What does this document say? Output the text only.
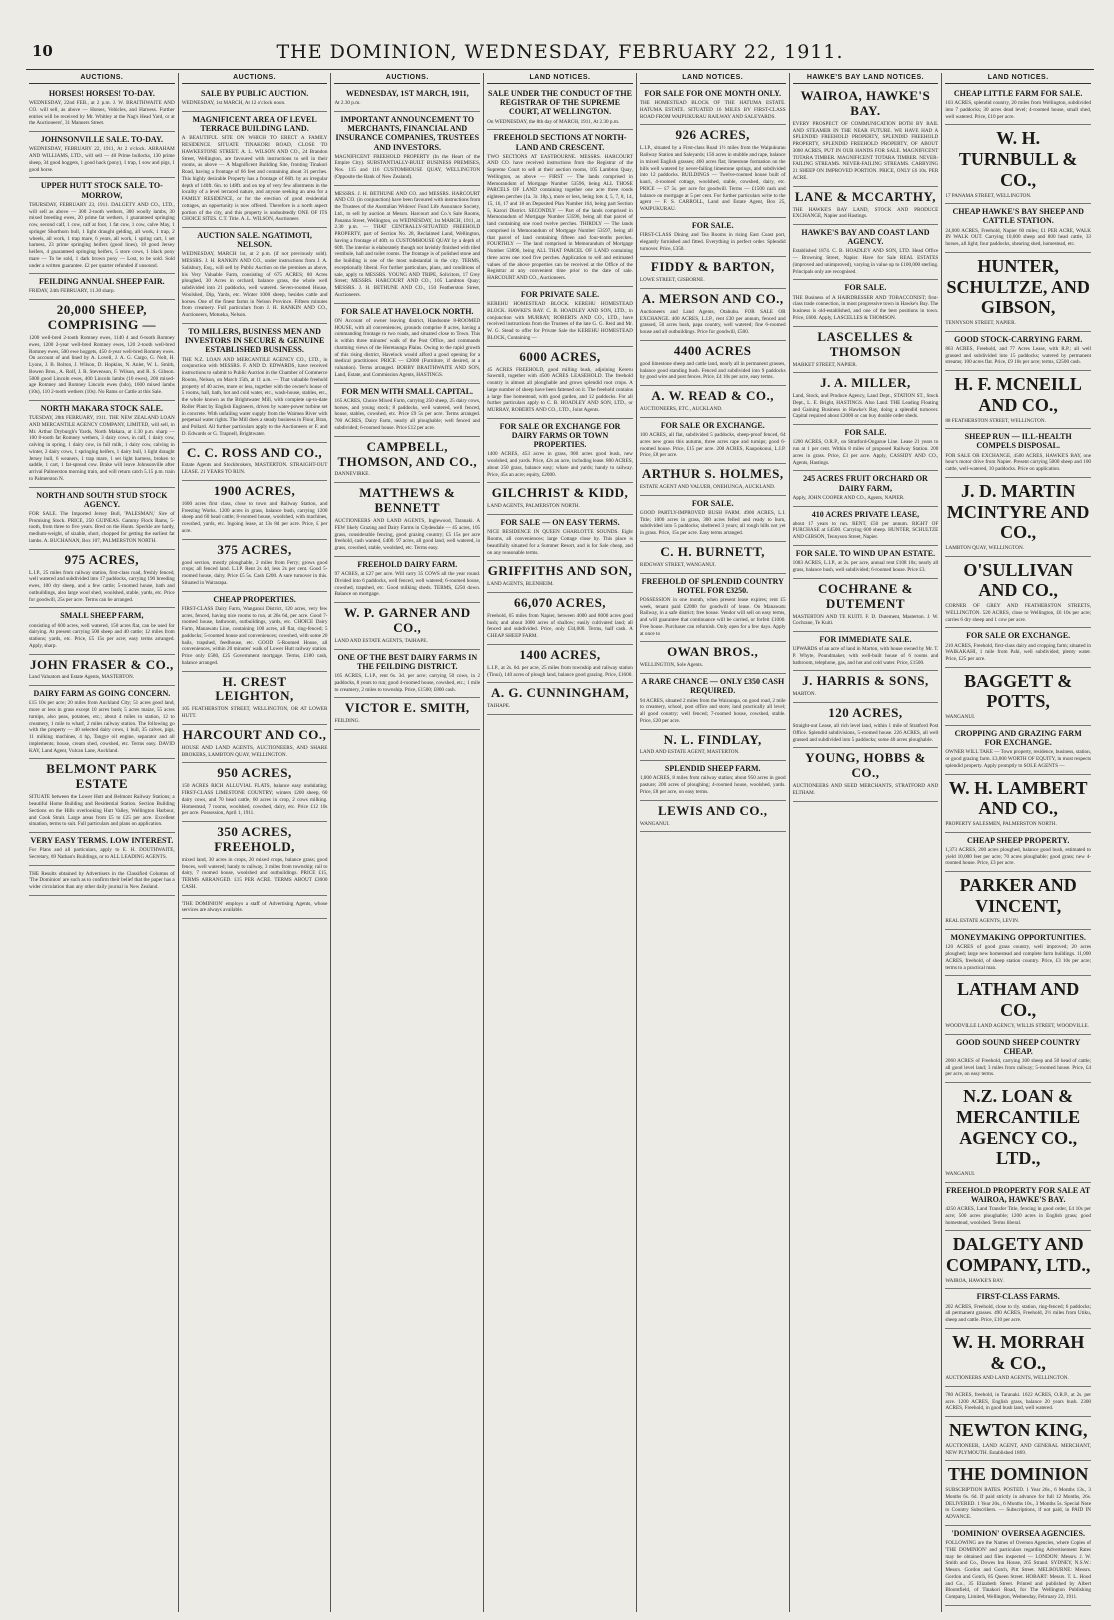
10	THE DOMINION, WEDNESDAY, FEBRUARY 22, 1911.
AUCTIONS.
HORSES! HORSES! TO-DAY.
WEDNESDAY, 22nd FEB., at 2 p.m. J. W. BRAITHWAITE AND CO. will sell, as above — Horses, Vehicles, and Harness. Further entries will be received by Mr. Whitley at the Nag's Head Yard, or at the Auctioneers', 31 Manners Street.
JOHNSONVILLE SALE. TO-DAY.
WEDNESDAY, FEBRUARY 22, 1911, At 2 o'clock. ABRAHAM AND WILLIAMS, LTD., will sell — 40 Prime bullocks, 130 prime sheep, 34 good hoggets, 1 good hack (pony), 1 trap, 1 sow and pigs, 1 good horse.
UPPER HUTT STOCK SALE. TO-MORROW,
THURSDAY, FEBRUARY 23, 1911. DALGETY AND CO., LTD., will sell as above — 300 2-tooth wethers, 300 woolly lambs, 30 mixed breeding ewes, 20 prime fat wethers, 1 guaranteed springing cow, second calf, 1 cow, calf at foot, 1 fat cow, 1 cow, calve May, 1 springer Shorthorn bull, 1 light draught gelding, all work, 1 trap, 2 wheels, all work, 1 trap mare, 6 years, all work, 1 spring cart, 1 set harness, 23 prime springing heifers (good lines), 18 good Jersey heifers, 4 guaranteed springing heifers, 5 store cows, 1 black pony mare — To be sold, 1 dark brown pony — Lost, to be sold. Sold under a written guarantee. £2 per quarter refunded if unsound.
FEILDING ANNUAL SHEEP FAIR.
FRIDAY, 24th FEBRUARY, 11.30 sharp.
20,000 SHEEP, COMPRISING —
1200 well-bred 2-tooth Romney ewes, 1140 4 and 6-tooth Romney ewes, 1200 2-year well-bred Romney ewes, 120 2-tooth well-bred Romney ewes, 500 ewe hoggets, 450 4-year well-bred Romney ewes. On account of and lined by A. Lovell, J. A. G. Cargo, G. Nolt, H. Lyons, J. B. Bolton, J. Wilson, D. Hopkins, N. Anlet, W. L. Smith, Bowen Bros., A. Rolf, J. R. Stevenson, F. Wilson, and R. S. Gibson. 5000 good Lincoln ewes, 400 Lincoln lambs (10 ewes), 200 mixed-age Romney and Romney Lincoln ewes (hdo), 1600 mixed lambs (10s), 110 2-tooth wethers (10s). No Rams or Cattle at this Sale.
NORTH MAKARA STOCK SALE.
TUESDAY, 28th FEBRUARY, 1911. THE NEW ZEALAND LOAN AND MERCANTILE AGENCY COMPANY, LIMITED, will sell, in Mr. Arthur Dryburgh's Yards, North Makara, at 1.30 p.m. sharp — 100 8-tooth fat Romney wethers, 3 dairy cows, in calf, 1 dairy cow, calving in spring, 1 dairy cow, in full milk, 1 dairy cow, calving in winter, 2 dairy cows, 1 springing heifers, 1 dairy bull, 1 light draught Jersey bull, 6 weaners, 1 trap mare, 1 set light harness, broken to saddle, 1 cart, 1 fat-spread cow. Brake will leave Johnsonville after arrival Palmerston morning train, and will return catch 5.15 p.m. train to Palmerston N.
NORTH AND SOUTH STUD STOCK AGENCY.
FOR SALE. The Imported Jersey Bull, 'PALESMAN,' Sire of Promising Stock. PRICE, 250 GUINEAS. Gammy Flock Rams, 5-tooth, from three to five years. Bred on the Hunts. Speckle are hardy, medium-weight, of sizable, short, chopped for getting the earliest fat lambs. A. BUCHANAN, Box 107, PALMERSTON NORTH.
975 ACRES,
L.I.P., 25 miles from railway station, first-class road, freshly fenced, well watered and subdivided into 17 paddocks, carrying 190 breeding ewes, 100 dry sheep, and a few cattle; 5-roomed house, bath and outbuildings, also large wool shed, woolshed, stable, yards, etc. Price for goodwill, 25s per acre. Terms can be arranged.
SMALL SHEEP FARM,
consisting of 600 acres, well watered, 150 acres flat, can be used for dairying. At present carrying 500 sheep and 40 cattle; 12 miles from stations; yards, etc. Price, £5 15s per acre; easy terms arranged. Apply, sharp.
JOHN FRASER & CO.,
Land Valuators and Estate Agents, MASTERTON.
DAIRY FARM AS GOING CONCERN.
£15 10s per acre; 20 miles from Auckland City; 51 acres good land, more or less in grass except 10 acres bush; 5 acres maize, 55 acres turnips, also peas, potatoes, etc.; about 4 miles to station, 12 to creamery, 1 mile to wharf, 2 miles railway station. The following go with the property — 40 selected dairy cows, 1 bull, 35 calves, pigs, 11 milking machines, 4 hp, Tangye oil engine, separator and all implements; house, cream shed, cowshed, etc. Terms easy. DAVID KAY, Land Agent, Vulcan Lane, Auckland.
BELMONT PARK ESTATE
SITUATE between the Lower Hutt and Belmont Railway Stations; a beautiful Home Building and Residential Station. Section Building Sections on the Hills overlooking Hutt Valley, Wellington Harbour, and Cook Strait. Large areas from £5 to £25 per acre. Excellent situation, terms to suit. Full particulars and plans on application.
VERY EASY TERMS. LOW INTEREST.
For Plans and all particulars, apply to E. H. DOUTHWAITE, Secretary, 69 Nathan's Buildings, or to ALL LEADING AGENTS.
THE Results obtained by Advertisers in the Classified Columns of 'The Dominion' are such as to confirm their belief that the paper has a wider circulation than any other daily journal in New Zealand.
AUCTIONS.
SALE BY PUBLIC AUCTION.
WEDNESDAY, 1st MARCH, At 12 o'clock noon.
MAGNIFICENT AREA OF LEVEL TERRACE BUILDING LAND.
A BEAUTIFUL SITE ON WHICH TO ERECT A FAMILY RESIDENCE. SITUATE TINAKORI ROAD, CLOSE TO HAWKESTONE STREET. A. L. WILSON AND CO., 24 Brandon Street, Wellington, are favoured with instructions to sell in their rooms, as above — A Magnificent Building Site, fronting Tinakori Road, having a frontage of 66 feet and containing about 31 perches. This highly desirable Property has a frontage of 66ft. by an irregular depth of 140ft. 6in. to 148ft. and on top of very few allotments in the locality of a level terraced nature, and anyone seeking an area for a FAMILY RESIDENCE, or for the erection of good residential cottages, an opportunity is now offered. Therefore is a north aspect portion of the city, and this property is undoubtedly ONE OF ITS CHOICE SITES. C.T. Title. A. L. WILSON, Auctioneer.
AUCTION SALE. NGATIMOTI, NELSON.
WEDNESDAY, MARCH 1st, at 2 p.m. (if not previously sold). MESSRS. J. H. RANKIN AND CO., under instructions from J. A. Salisbury, Esq., will sell by Public Auction on the premises as above, his Very Valuable Farm, consisting of 675 ACRES; 80 Acres ploughed, 30 Acres in orchard, balance grass, the whole well subdivided into 21 paddocks, well watered. Seven-roomed House, Woolshed, Dip, Yards, etc. Winter 1000 sheep, besides cattle and horses. One of the finest farms in Nelson Province. Fifteen minutes from creamery. Full particulars from J. H. RANKIN AND CO., Auctioneers, Motueka, Nelson.
TO MILLERS, BUSINESS MEN AND INVESTORS IN SECURE & GENUINE ESTABLISHED BUSINESS.
THE N.Z. LOAN AND MERCANTILE AGENCY CO., LTD., in conjunction with MESSRS. F. AND D. EDWARDS, have received instructions to submit to Public Auction in the Chamber of Commerce Rooms, Nelson, on March 15th, at 11 a.m. — That valuable freehold property of 40 acres, more or less, together with the owner's house of 5 rooms, hall, bath, hot and cold water, etc., wash-house, stables, etc., the whole known as the Brightwater Mill, with complete up-to-date Roller Plant by English Engineers, driven by water-power turbine set in concrete. With unfailing water supply from the Waimea River with perpetual water rights. The Mill does a steady business in Flour, Bran, and Pollard. All further particulars apply to the Auctioneers or F. and D. Edwards or G. Trapnell, Brightwater.
C. C. ROSS AND CO.,
Estate Agents and Stockbrokers, MASTERTON. STRAIGHT-OUT LEASE. 21 YEARS TO RUN.
1900 ACRES,
1600 acres first class, close to town and Railway Station, and Freezing Works. 1200 acres in grass, balance bush, carrying 1200 sheep and 60 head cattle; 8-roomed house, woolshed, with machines, cowshed, yards, etc. Ingoing lease, at 13s 8d per acre. Price, £ per acre.
375 ACRES,
good section, mostly ploughable, 2 miles from Ferry; grows good crops; all fenced land. L.I.P. Rent 2s 4d, less 2s per cent. Good 5-roomed house, dairy. Price £5 5s. Cash £200. A sure turnover in this. Situated in Wairarapa.
CHEAP PROPERTIES.
FIRST-CLASS Dairy Farm, Wanganui District, 120 acres, very few acres, fenced, having nice rooms to run, at 26s 6d, per acre. Good 7-roomed house, bathroom, outbuildings, yards, etc. CHOICE Dairy Farm, Manawatu Line, containing 100 acres, all flat, ring-fenced; 5 paddocks; 5-roomed house and conveniences; cowshed, with some 20 bails, trapshed, feedhouse, etc. GOOD 5-Roomed House, all conveniences, within 20 minutes' walk of Lower Hutt railway station. Price only £580, £25 Government mortgage. Terms, £180 cash, balance arranged.
H. CREST LEIGHTON,
105 FEATHERSTON STREET, WELLINGTON, OR AT LOWER HUTT.
HARCOURT AND CO.,
HOUSE AND LAND AGENTS, AUCTIONEERS, AND SHARE BROKERS, LAMBTON QUAY, WELLINGTON.
950 ACRES,
150 ACRES RICH ALLUVIAL FLATS, balance easy undulating; FIRST-CLASS LIMESTONE COUNTRY; winters 1200 sheep, 60 dairy cows, and 70 head cattle, 60 acres in crop, 2 cows milking. Homestead, 7 rooms, woolshed, cowshed, dairy, etc. Price £12 10s per acre. Possession, April 1, 1911.
350 ACRES, FREEHOLD,
mixed land, 30 acres in crops, 20 mixed crops, balance grass; good fences, well watered; handy to railway, 3 miles from township; rail to dairy, 7 roomed house, woolshed and outbuildings. PRICE £15, TERMS ARRANGED. £15 PER ACRE. TERMS ABOUT £3000 CASH.
'THE DOMINION' employs a staff of Advertising Agents, whose services are always available.
AUCTIONS.
WEDNESDAY, 1ST MARCH, 1911,
At 2.30 p.m.
IMPORTANT ANNOUNCEMENT TO MERCHANTS, FINANCIAL AND INSURANCE COMPANIES, TRUSTEES AND INVESTORS.
MAGNIFICENT FREEHOLD PROPERTY (In the Heart of the Empire City). SUBSTANTIALLY-BUILT BUSINESS PREMISES, Nos. 115 and 116 CUSTOMHOUSE QUAY, WELLINGTON (Opposite the Bank of New Zealand).
MESSRS. J. H. BETHUNE AND CO. and MESSRS. HARCOURT AND CO. (in conjunction) have been favoured with instructions from the Trustees of the Australian Widows' Fund Life Assurance Society, Ltd., to sell by auction at Messrs. Harcourt and Co.'s Sale Rooms, Panama Street, Wellington, on WEDNESDAY, 1st MARCH, 1911, at 2.30 p.m. — THAT CENTRALLY-SITUATED FREEHOLD PROPERTY, part of Section No. 28, Reclaimed Land, Wellington, having a frontage of 40ft. to CUSTOMHOUSE QUAY by a depth of 60ft. The interior is elaborately though not lavishly finished with tiled vestibule, hall and toilet rooms. The frontage is of polished stone and the building is one of the most substantial in the city. TERMS, exceptionally liberal. For further particulars, plans, and conditions of sale, apply to MESSRS. YOUNG AND TRIPE, Solicitors, 17 Grey Street; MESSRS. HARCOURT AND CO., 105 Lambton Quay; MESSRS. J. H. BETHUNE AND CO., 150 Featherston Street, Auctioneers.
FOR SALE AT HAVELOCK NORTH.
ON Account of owner leaving district, Handsome 8-ROOMED HOUSE, with all conveniences, grounds comprise 8 acres, having a commanding frontage to two roads, and situated close to Town. This is within three minutes' walk of the Post Office, and commands charming views of the Heretaunga Plains. Owing to the rapid growth of this rising district, Havelock would afford a good opening for a medical practitioner. PRICE — £2000 (Furniture, if desired, at a valuation). Terms arranged. BOBBY BRAITHWAITE AND SON, Land, Estate, and Commission Agents, HASTINGS.
FOR MEN WITH SMALL CAPITAL.
165 ACRES, Choice Mixed Farm, carrying 250 sheep, 25 dairy cows, horses, and young stock; 8 paddocks, well watered, well fenced, house, stables, cowshed, etc. Price £9 5s per acre. Terms arranged. 700 ACRES, Dairy Farm, nearly all ploughable; well fenced and subdivided; 6-roomed house. Price £12 per acre.
CAMPBELL, THOMSON, AND CO.,
DANNEVIRKE.
MATTHEWS & BENNETT
AUCTIONEERS AND LAND AGENTS, Inglewood, Taranaki. A FEW likely Grazing and Dairy Farms in Clydesdale — 45 acres, 105 grass, considerable fencing, good grazing country; £5 15s per acre freehold, cash wanted, £400. 97 acres, all good land, well watered, in grass, cowshed, stable, woolshed, etc. Terms easy.
FREEHOLD DAIRY FARM.
97 ACRES, at £27 per acre. Will carry 35 COWS all the year round. Divided into 6 paddocks, well fenced, well watered; 6-roomed house, cowshed, trapshed, etc. Good milking sheds. TERMS, £250 down. Balance on mortgage.
W. P. GARNER AND CO.,
LAND AND ESTATE AGENTS, TAIHAPE.
ONE OF THE BEST DAIRY FARMS IN THE FEILDING DISTRICT.
105 ACRES, L.I.P., rent 6s. 3d. per acre; carrying 50 cows, in 2 paddocks, 8 years to run; good 4-roomed house, cowshed, etc.; 1 mile to creamery, 2 miles to township. Price, £1500; £800 cash.
VICTOR E. SMITH,
FEILDING.
LAND NOTICES.
SALE UNDER THE CONDUCT OF THE REGISTRAR OF THE SUPREME COURT, AT WELLINGTON.
On WEDNESDAY, the 8th day of MARCH, 1911, At 2.30 p.m.
FREEHOLD SECTIONS AT NORTH-LAND AND CRESCENT.
TWO SECTIONS AT EASTBOURNE. MESSRS. HARCOURT AND CO. have received instructions from the Registrar of the Supreme Court to sell at their auction rooms, 105 Lambton Quay, Wellington, as above — FIRST — The lands comprised in Memorandum of Mortgage Number 53596, being ALL THOSE PARCELS OF LAND containing together one acre three roods eighteen perches (1a. 3r. 18p.), more or less, being lots 4, 5, 7, 8, 14, 15, 16, 17 and 18 on Deposited Plan Number 164, being part Section 5, Karori District. SECONDLY — Part of the lands comprised in Memorandum of Mortgage Number 53596, being all that parcel of land containing one rood twelve perches. THIRDLY — The lands comprised in Memorandum of Mortgage Number 53597, being all that parcel of land containing fifteen and four-tenths perches. FOURTHLY — The land comprised in Memorandum of Mortgage Number 53896, being ALL THAT PARCEL OF LAND containing three acres one rood five perches. Application to sell and estimated values of the above properties can be received at the Office of the Registrar at any convenient time prior to the date of sale. HARCOURT AND CO., Auctioneers.
FOR PRIVATE SALE.
KEREHU HOMESTEAD BLOCK. KEREHU HOMESTEAD BLOCK. HAWKE'S BAY. C. B. HOADLEY AND SON, LTD., in conjunction with MURRAY, ROBERTS AND CO., LTD., have received instructions from the Trustees of the late G. G. Reid and Mr. W. G. Stead to offer for Private Sale the KEREHU HOMESTEAD BLOCK, Containing —
6000 ACRES,
45 ACRES FREEHOLD, good milling bush, adjoining Kereru Sawmill, together with 4500 ACRES LEASEHOLD. The freehold country is almost all ploughable and grows splendid root crops. A large number of sheep have been fattened on it. The freehold contains a large fine homestead, with good garden, and 12 paddocks. For all further particulars apply to C. B. HOADLEY AND SON, LTD., or MURRAY, ROBERTS AND CO., LTD., Joint Agents.
FOR SALE OR EXCHANGE FOR DAIRY FARMS OR TOWN PROPERTIES.
1400 ACRES, 453 acres in grass, 900 acres good bush, new woolshed, and yards. Price, 42s an acre, including lease. 800 ACRES, about 250 grass, balance easy; whare and yards; handy to railway. Price, 45s an acre; equity, £2000.
GILCHRIST & KIDD,
LAND AGENTS, PALMERSTON NORTH.
FOR SALE — ON EASY TERMS.
NICE RESIDENCE IN QUEEN CHARLOTTE SOUNDS. Eight Rooms, all conveniences; large Cottage close by. This place is beautifully situated for a Summer Resort, and is for Sale cheap, and on any reasonable terms.
GRIFFITHS AND SON,
LAND AGENTS, BLENHEIM.
66,070 ACRES,
Freehold, 65 miles from Napier, between 4000 and 8000 acres good bush; and about 3000 acres of shallow; easily cultivated land; all fenced and subdivided. Price, only £34,000. Terms, half cash. A CHEAP SHEEP FARM.
1400 ACRES,
L.I.P., at 2s. 6d. per acre, 25 miles from township and railway station (Tinui), 140 acres of plough land, balance good grazing. Price, £1600.
A. G. CUNNINGHAM,
TAIHAPE.
LAND NOTICES.
FOR SALE FOR ONE MONTH ONLY.
THE HOMESTEAD BLOCK OF THE HATUMA ESTATE. HATUMA ESTATE. SITUATED 16 MILES BY FIRST-CLASS ROAD FROM WAIPUKURAU RAILWAY AND SALEYARDS.
926 ACRES,
L.I.P., situated by a First-class Road 1½ miles from the Waipukurau Railway Station and Saleyards; 150 acres in stubble and rape, balance in mixed English grasses; 460 acres flat; limestone formation on the hills well watered by never-failing limestone springs, and subdivided into 12 paddocks. BUILDINGS — Twelve-roomed house built of kauri, 4-roomed cottage, woolshed, stable, cowshed, dairy, etc. PRICE — £7 5s. per acre for goodwill. Terms — £1500 cash and balance on mortgage at 5 per cent. For further particulars write to the agent — F. S. CARROLL, Land and Estate Agent, Box 25, WAIPUKURAU.
FOR SALE.
FIRST-CLASS Dining and Tea Rooms in rising East Coast port, elegantly furnished and fitted. Everything in perfect order. Splendid turnover. Price, £350.
FIDDY & BARTON,
LOWE STREET, GISBORNE.
A. MERSON AND CO.,
Auctioneers and Land Agents, Otahuhu. FOR SALE OR EXCHANGE. 400 ACRES, L.I.P., rent £30 per annum, fenced and grassed, 50 acres bush, papa country, well watered; fine 6-roomed house and all outbuildings. Price for goodwill, £500.
4400 ACRES
good limestone sheep and cattle land, nearly all in permanent grasses, balance good standing bush. Fenced and subdivided into 9 paddocks by good wire and post fences. Price, £4 10s per acre, easy terms.
A. W. READ & CO.,
AUCTIONEERS, ETC., AUCKLAND.
FOR SALE OR EXCHANGE.
100 ACRES, all flat, subdivided 5 paddocks, sheep-proof fenced, 64 acres new grass this autumn, three acres rape and turnips; good 6-roomed house. Price, £15 per acre. 200 ACRES, Kaupokonui, L.I.P. Price, £8 per acre.
ARTHUR S. HOLMES,
ESTATE AGENT AND VALUER, ONEHUNGA, AUCKLAND.
FOR SALE.
GOOD PARTLY-IMPROVED BUSH FARM. 4900 ACRES, L.I. Title; 1000 acres in grass, 300 acres felled and ready to burn, subdivided into 5 paddocks; sheltered 3 years; all rough hills not yet in grass. Price, 15s per acre. Easy terms arranged.
C. H. BURNETT,
RIDGWAY STREET, WANGANUI.
FREEHOLD OF SPLENDID COUNTRY HOTEL FOR £3250.
POSSESSION in one month, when present lease expires; rent £5 week, tenant paid £2000 for goodwill of lease. On Manawatu Railway, in a safe district; free house. Vendor will sell on easy terms, and will guarantee that continuance will be carried, or forfeit £1000. Free house. Purchaser can refurnish. Only open for a few days. Apply at once to
OWAN BROS.,
WELLINGTON, Sole Agents.
A RARE CHANCE — ONLY £350 CASH REQUIRED.
94 ACRES, situated 2 miles from the Wairarapa, on good road, 2 mile to creamery, school, post office and store; land practically all level; all good country; well fenced; 7-roomed house, cowshed, stable. Price, £20 per acre.
N. L. FINDLAY,
LAND AND ESTATE AGENT, MASTERTON.
SPLENDID SHEEP FARM.
1,000 ACRES, 8 miles from railway station; about 950 acres in good pasture; 200 acres of ploughing; 4-roomed house, woolshed, yards. Price, £8 per acre, on easy terms.
LEWIS AND CO.,
WANGANUI.
HAWKE'S BAY LAND NOTICES.
WAIROA, HAWKE'S BAY.
EVERY PROSPECT OF COMMUNICATION BOTH BY RAIL AND STEAMER IN THE NEAR FUTURE. WE HAVE HAD A SPLENDID FREEHOLD PROPERTY, SPLENDID FREEHOLD PROPERTY, SPLENDID FREEHOLD PROPERTY, OF ABOUT 3000 ACRES, PUT IN OUR HANDS FOR SALE. MAGNIFICENT TOTARA TIMBER. MAGNIFICENT TOTARA TIMBER. NEVER-FAILING STREAMS. NEVER-FAILING STREAMS. CARRYING 21 SHEEP ON IMPROVED PORTION. PRICE, ONLY £6 10s. PER ACRE.
LANE & MCCARTHY,
THE HAWKE'S BAY LAND, STOCK AND PRODUCE EXCHANGE, Napier and Hastings.
HAWKE'S BAY AND COAST LAND AGENCY.
Established 1874. C. B. HOADLEY AND SON, LTD. Head Office — Browning Street, Napier. Have for Sale REAL ESTATES (improved and unimproved), varying in value up to £100,000 sterling. Principals only are recognised.
FOR SALE.
THE Business of A HAIRDRESSER AND TOBACCONIST; first-class trade connection, in most progressive town in Hawke's Bay. The business is old-established, and one of the best positions in town. Price, £600. Apply, LASCELLES & THOMSON.
LASCELLES & THOMSON
MARKET STREET, NAPIER.
J. A. MILLER,
Land, Stock, and Produce Agency, Land Dept., STATION ST., Stock Dept., L. E. Bright, HASTINGS. Also Land. THE Leading Floating and Gaining Business in Hawke's Bay, doing a splendid turnover. Capital required about £2000 or can buy double order sheds.
FOR SALE.
1200 ACRES, O.R.P., on Stratford-Ongarue Line. Lease 21 years to run at 1 per cent. Within 8 miles of proposed Railway Station. 200 acres in grass. Price, £3 per acre. Apply, CASSIDY AND CO., Agents, Hastings.
245 ACRES FRUIT ORCHARD OR DAIRY FARM,
Apply, JOHN COOPER AND CO., Agents, NAPIER.
410 ACRES PRIVATE LEASE,
about 17 years to run. RENT, £50 per annum. RIGHT OF PURCHASE at £4500. Carrying 600 sheep. HUNTER, SCHULTZE AND GIBSON, Tennyson Street, Napier.
FOR SALE. TO WIND UP AN ESTATE.
1083 ACRES, L.I.P., at 2s. per acre, annual rent £108 10s; nearly all grass, balance bush, well subdivided; 6-roomed house. Price £3.
COCHRANE & DUTEMENT
MASTERTON AND TE KUITI. F. D. Dutement, Masterton. J. W. Cochrane, Te Kuiti.
FOR IMMEDIATE SALE.
UPWARDS of an acre of land in Marton, with house owned by Mr. T. P. Whyte, Poundmaker, with well-built house of 6 rooms and bathroom, telephone, gas, and hot and cold water. Price, £1500.
J. HARRIS & SONS,
MARTON.
120 ACRES,
Straight-out Lease, all rich level land, within 1 mile of Stratford Post Office. Splendid subdivisions, 5-roomed house. 226 ACRES, all well grassed and subdivided into 5 paddocks; some 40 acres ploughable.
YOUNG, HOBBS & CO.,
AUCTIONEERS AND SEED MERCHANTS, STRATFORD AND ELTHAM.
LAND NOTICES.
CHEAP LITTLE FARM FOR SALE.
103 ACRES, splendid country, 20 miles from Wellington, subdivided into 7 paddocks; 30 acres dead level; 4-roomed house, small shed, well watered. Price, £10 per acre.
W. H. TURNBULL & CO.,
17 PANAMA STREET, WELLINGTON.
CHEAP HAWKE'S BAY SHEEP AND CATTLE STATION.
24,000 ACRES, Freehold, Napier 60 miles; £1 PER ACRE, WALK IN WALK OUT. Carrying 10,000 sheep and 800 head cattle, 33 horses, all light; four paddocks, shearing shed, homestead, etc.
HUNTER, SCHULTZE, AND GIBSON,
TENNYSON STREET, NAPIER.
GOOD STOCK-CARRYING FARM.
863 ACRES, Freehold, and 77 Acres Lease, with R.P.; all well grassed and subdivided into 15 paddocks; watered by permanent streams; 100 acres flat. Price, £9 10s per acre; terms, £2500 cash.
H. F. MCNEILL AND CO.,
88 FEATHERSTON STREET, WELLINGTON.
SHEEP RUN — ILL-HEALTH COMPELS DISPOSAL.
FOR SALE OR EXCHANGE, 4500 ACRES, HAWKE'S BAY, one hour's motor drive from Napier. Present carrying 5000 sheep and 100 cattle, well-watered, 10 paddocks. Price on application.
J. D. MARTIN MCINTYRE AND CO.,
LAMBTON QUAY, WELLINGTON.
O'SULLIVAN AND CO.,
CORNER OF GREY AND FEATHERSTON STREETS, WELLINGTON. 520 ACRES, close to Wellington, £6 10s per acre; carries 6 dry sheep and 1 cow per acre.
FOR SALE OR EXCHANGE.
210 ACRES, Freehold, first-class dairy and cropping farm; situated in WAIKAKAHI, 1 mile from Pahi, well subdivided, plenty water. Price, £25 per acre.
BAGGETT & POTTS,
WANGANUI.
CROPPING AND GRAZING FARM FOR EXCHANGE.
OWNER WILL TAKE — Town property, residence, business, station, or good grazing farm. £3,000 WORTH OF EQUITY, in most respects splendid property. Apply promptly to SOLE AGENTS —
W. H. LAMBERT AND CO.,
PROPERTY SALESMEN, PALMERSTON NORTH.
CHEAP SHEEP PROPERTY.
1,373 ACRES, 200 acres ploughed, balance good bush, estimated to yield 10,000 feet per acre; 70 acres ploughable; good grass; new 4-roomed house. Price, £3 per acre.
PARKER AND VINCENT,
REAL ESTATE AGENTS, LEVIN.
MONEYMAKING OPPORTUNITIES.
120 ACRES of good grass country, well improved; 20 acres ploughed; large new homestead and complete farm buildings. 11,000 ACRES, freehold, of sheep station country. Price, £3 10s per acre; terms to a practical man.
LATHAM AND CO.,
WOODVILLE LAND AGENCY, WILLIS STREET, WOODVILLE.
GOOD SOUND SHEEP COUNTRY CHEAP.
2060 ACRES of Freehold, carrying 300 sheep and 50 head of cattle; all good level land; 3 miles from railway; 5-roomed house. Price, £4 per acre, on easy terms.
N.Z. LOAN & MERCANTILE AGENCY CO., LTD.,
WANGANUI.
FREEHOLD PROPERTY FOR SALE AT WAIROA, HAWKE'S BAY.
4250 ACRES, Land Transfer Title, fencing in good order, £4 10s per acre; 500 acres ploughable; 1200 acres in English grass; good homestead, woolshed. Terms liberal.
DALGETY AND COMPANY, LTD.,
WAIROA, HAWKE'S BAY.
FIRST-CLASS FARMS.
202 ACRES, Freehold, close to rly. station, ring-fenced; 6 paddocks; all permanent grasses. 490 ACRES, Freehold, 2½ miles from Utiku, sheep and cattle. Price, £10 per acre.
W. H. MORRAH & CO.,
AUCTIONEERS AND LAND AGENTS, WELLINGTON.
780 ACRES, freehold, in Taranaki. 1022 ACRES, O.R.P., at 2s. per acre. 1200 ACRES, English grass, balance 20 years bush. 2300 ACRES, Freehold, in good bush land, well watered.
NEWTON KING,
AUCTIONEER, LAND AGENT, AND GENERAL MERCHANT, NEW PLYMOUTH. Established 1869.
THE DOMINION
SUBSCRIPTION RATES. POSTED. 1 Year 26s., 6 Months 13s., 3 Months 6s. 6d. If paid strictly in advance for full 12 Months, 26s. DELIVERED. 1 Year 20s., 6 Months 10s., 3 Months 5s. Special Note to Country Subscribers. — Subscriptions, if not paid, in PAID IN ADVANCE.
'DOMINION' OVERSEA AGENCIES.
FOLLOWING are the Names of Oversea Agencies, where Copies of 'THE DOMINION' and particulars regarding Advertisement Rates may be obtained and files inspected — LONDON: Messrs. J. W. Smith and Co., Dowes Inn House, 265 Strand. SYDNEY, N.S.W.: Messrs. Gordon and Gotch, Pitt Street. MELBOURNE: Messrs. Gordon and Gotch, 85 Queen Street. HOBART: Messrs. T. L. Hood and Co., 35 Elizabeth Street. Printed and published by Albert Bloomfield, of Tinakori Road, for The Wellington Publishing Company, Limited, Wellington, Wednesday, February 22, 1911.
